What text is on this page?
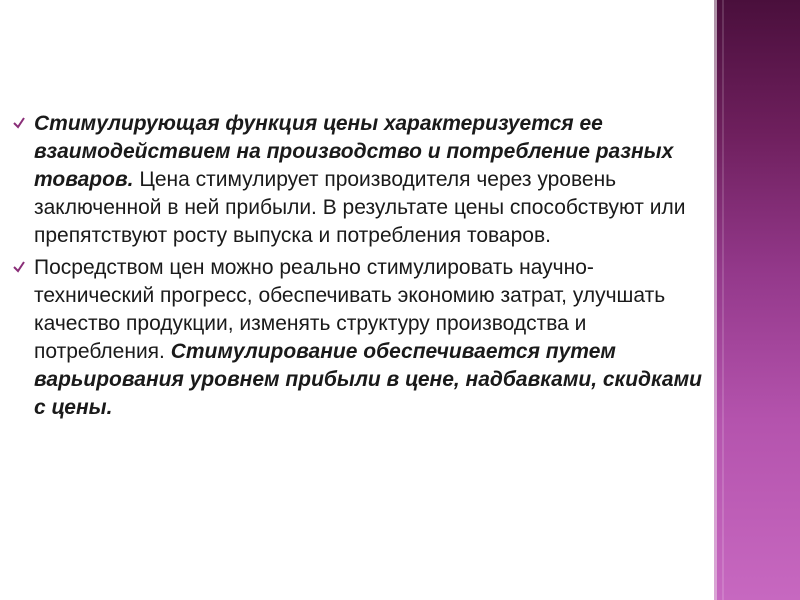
Стимулирующая функция цены характеризуется ее взаимодействием на производство и потребление разных товаров. Цена стимулирует производителя через уровень заключенной в ней прибыли. В результате цены способствуют или препятствуют росту выпуска и потребления товаров.
Посредством цен можно реально стимулировать научно-технический прогресс, обеспечивать экономию затрат, улучшать качество продукции, изменять структуру производства и потребления. Стимулирование обеспечивается путем варьирования уровнем прибыли в цене, надбавками, скидками с цены.
